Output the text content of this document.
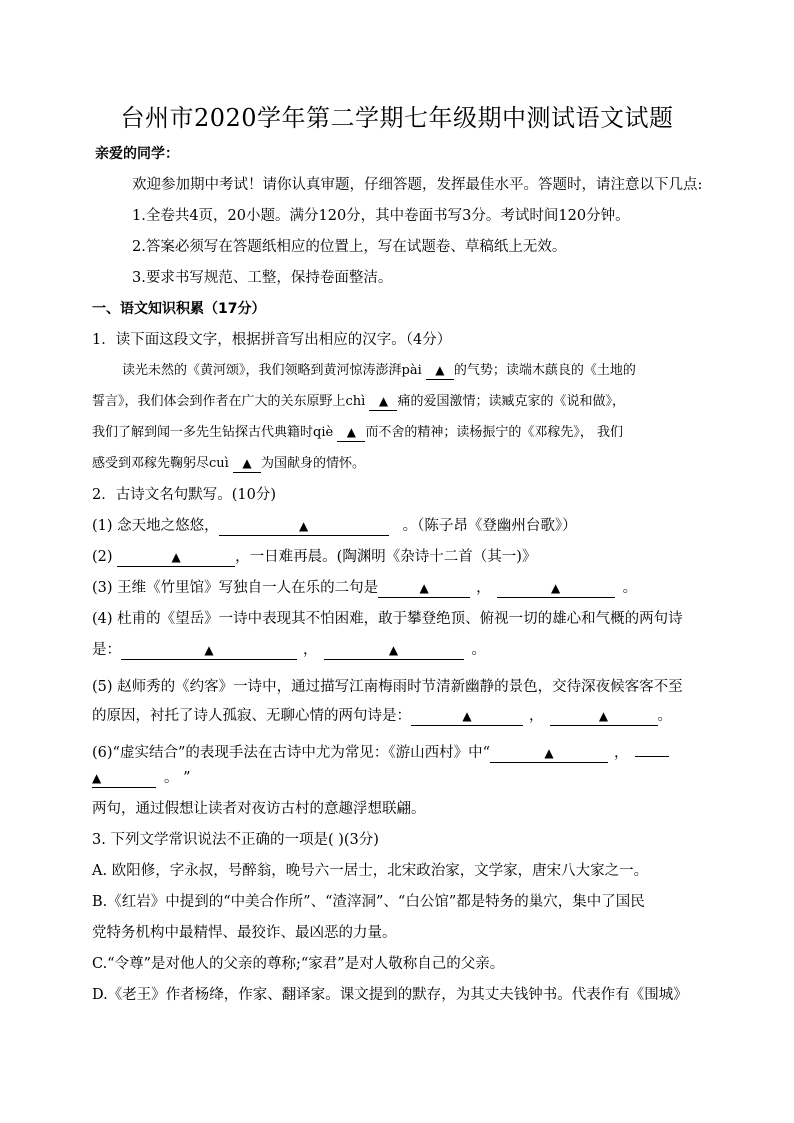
台州市2020学年第二学期七年级期中测试语文试题
亲爱的同学：
欢迎参加期中考试！请你认真审题，仔细答题，发挥最佳水平。答题时，请注意以下几点:
1.全卷共4页，20小题。满分120分，其中卷面书写3分。考试时间120分钟。
2.答案必须写在答题纸相应的位置上，写在试题卷、草稿纸上无效。
3.要求书写规范、工整，保持卷面整洁。
一、语文知识积累（17分）
1．读下面这段文字，根据拼音写出相应的汉字。（4分）
读光未然的《黄河颂》，我们领略到黄河惊涛澎湃pài ▲ 的气势；读端木蕻良的《土地的
誓言》，我们体会到作者在广大的关东原野上chì ▲ 痛的爱国激情；读臧克家的《说和做》，
我们了解到闻一多先生钻探古代典籍时qiè ▲ 而不舍的精神；读杨振宁的《邓稼先》， 我们
感受到邓稼先鞠躬尽cuì ▲ 为国献身的情怀。
2．古诗文名句默写。(10分)
(1) 念天地之悠悠，	▲	。（陈子昂《登幽州台歌》）
(2)	▲	，一日难再晨。(陶渊明《杂诗十二首（其一)》
(3) 王维《竹里馆》写独自一人在乐的二句是	▲	，	▲	。
(4) 杜甫的《望岳》一诗中表现其不怕困难，敢于攀登绝顶、俯视一切的雄心和气概的两句诗
是：	▲	，	▲	。
(5) 赵师秀的《约客》一诗中，通过描写江南梅雨时节清新幽静的景色，交待深夜候客客不至
的原因，衬托了诗人孤寂、无聊心情的两句诗是：	▲	，	▲	。
(6)“虚实结合”的表现手法在古诗中尤为常见：《游山西村》中“	▲	，
▲	。 ”
两句，通过假想让读者对夜访古村的意趣浮想联翩。
3. 下列文学常识说法不正确的一项是( )(3分)
A. 欧阳修，字永叔，号醉翁，晚号六一居士，北宋政治家，文学家，唐宋八大家之一。
B.《红岩》中提到的“中美合作所”、“渣滓洞”、“白公馆”都是特务的巢穴，集中了国民
党特务机构中最精悍、最狡诈、最凶恶的力量。
C.“令尊”是对他人的父亲的尊称;“家君”是对人敬称自己的父亲。
D.《老王》作者杨绛，作家、翻译家。课文提到的默存，为其丈夫钱钟书。代表作有《围城》
